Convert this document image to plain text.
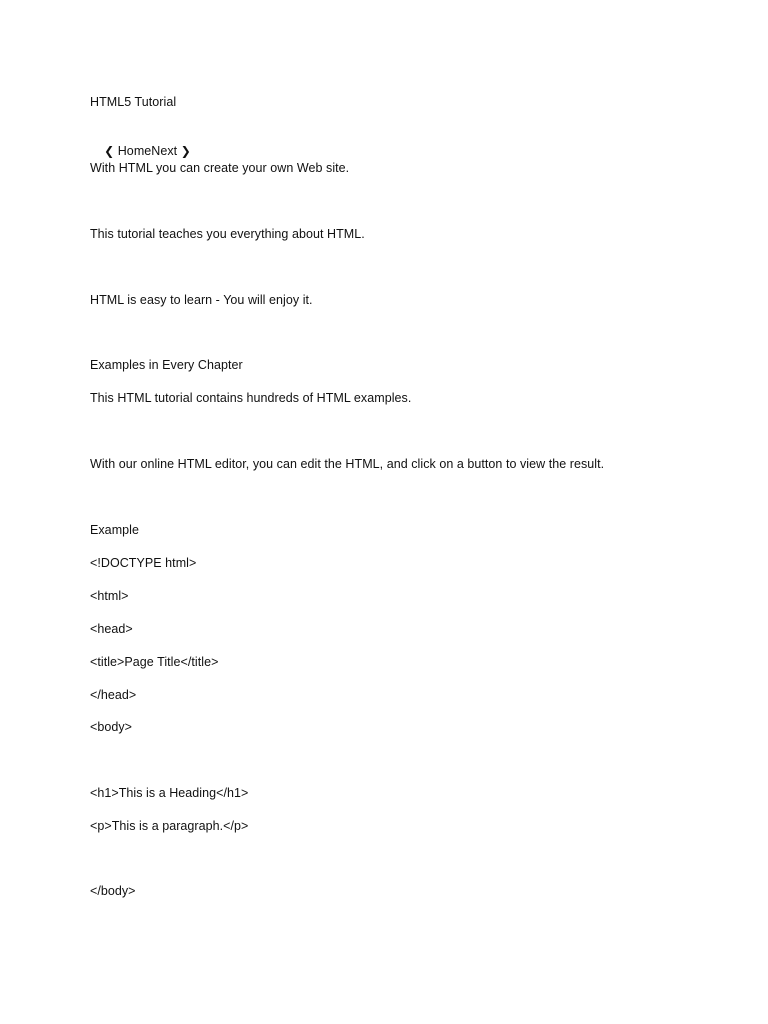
HTML5 Tutorial

❮ HomeNext ❯

With HTML you can create your own Web site.
This tutorial teaches you everything about HTML.
HTML is easy to learn - You will enjoy it.
Examples in Every Chapter
This HTML tutorial contains hundreds of HTML examples.
With our online HTML editor, you can edit the HTML, and click on a button to view the result.
Example
<!DOCTYPE html>
<html>
<head>
<title>Page Title</title>
</head>
<body>
<h1>This is a Heading</h1>
<p>This is a paragraph.</p>
</body>
